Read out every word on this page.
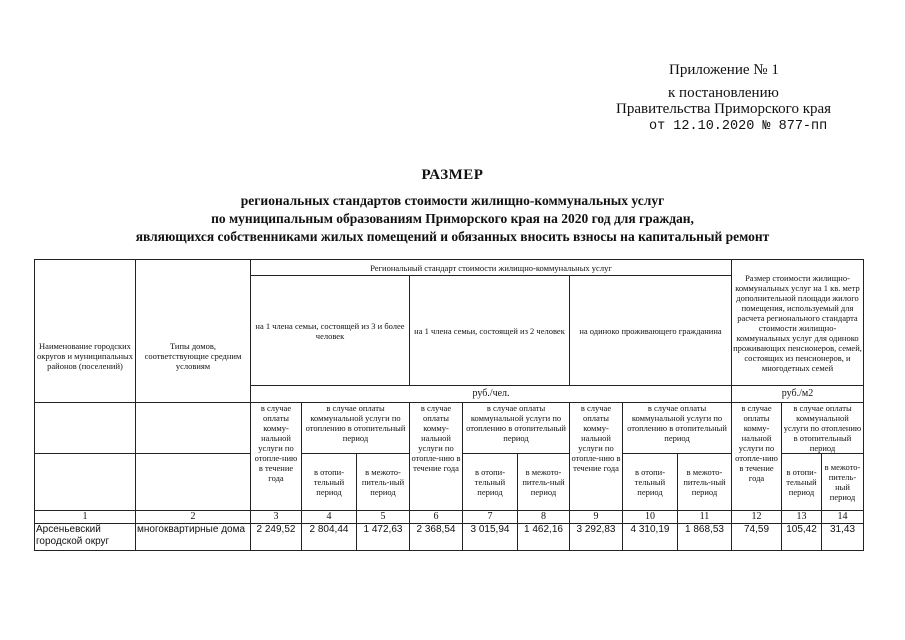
Приложение № 1
к постановлению
Правительства Приморского края
от 12.10.2020 № 877-пп
РАЗМЕР
региональных стандартов стоимости жилищно-коммунальных услуг
по муниципальным образованиям Приморского края на 2020 год для граждан,
являющихся собственниками жилых помещений и обязанных вносить взносы на капитальный ремонт
Наименование городских округов и муниципальных районов (поселений)	Типы домов, соответствующие средним условиям	Региональный стандарт стоимости жилищно-коммунальных услуг									Размер стоимости жилищно-коммунальных услуг на 1 кв. метр дополнительной площади жилого помещения, используемый для расчета регионального стандарта стоимости жилищно-коммунальных услуг для одиноко проживающих пенсионеров, семей, состоящих из пенсионеров, и многодетных семей		
		на 1 члена семьи, состоящей из 3 и более человек			на 1 члена семьи, состоящей из 2 человек			на одиноко проживающего гражданина					
		руб./чел.									руб./м2		
		в случае оплаты комму-нальной услуги по отопле-нию в течение года	в случае оплаты коммунальной услуги по отоплению в отопительный период		в случае оплаты комму-нальной услуги по отопле-нию в течение года	в случае оплаты коммунальной услуги по отоплению в отопительный период		в случае оплаты комму-нальной услуги по отопле-нию в течение года	в случае оплаты коммунальной услуги по отоплению в отопительный период		в случае оплаты комму-нальной услуги по отопле-нию в течение года	в случае оплаты коммунальной услуги по отоплению в отопительный период	
			в отопи-тельный период	в межото-питель-ный период		в отопи-тельный период	в межото-питель-ный период		в отопи-тельный период	в межото-питель-ный период		в отопи-тельный период	в межото-питель-ный период
1	2	3	4	5	6	7	8	9	10	11	12	13	14
Арсеньевский городской округ	многоквартирные дома	2 249,52	2 804,44	1 472,63	2 368,54	3 015,94	1 462,16	3 292,83	4 310,19	1 868,53	74,59	105,42	31,43
